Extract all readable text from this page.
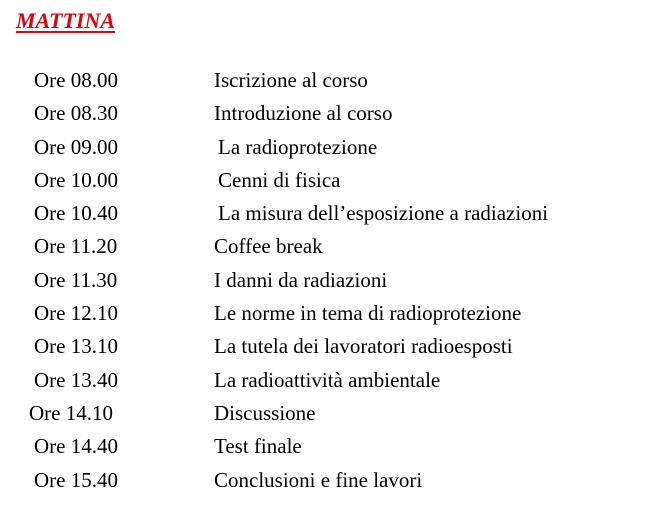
MATTINA
Ore 08.00	Iscrizione al corso
Ore 08.30	Introduzione al corso
Ore 09.00	La radioprotezione
Ore 10.00	Cenni di fisica
Ore 10.40	La misura dell’esposizione a radiazioni
Ore 11.20	Coffee break
Ore 11.30	I danni da radiazioni
Ore 12.10	Le norme in tema di radioprotezione
Ore 13.10	La tutela dei lavoratori radioesposti
Ore 13.40	La radioattività ambientale
Ore 14.10	Discussione
Ore 14.40	Test finale
Ore 15.40	Conclusioni e fine lavori
